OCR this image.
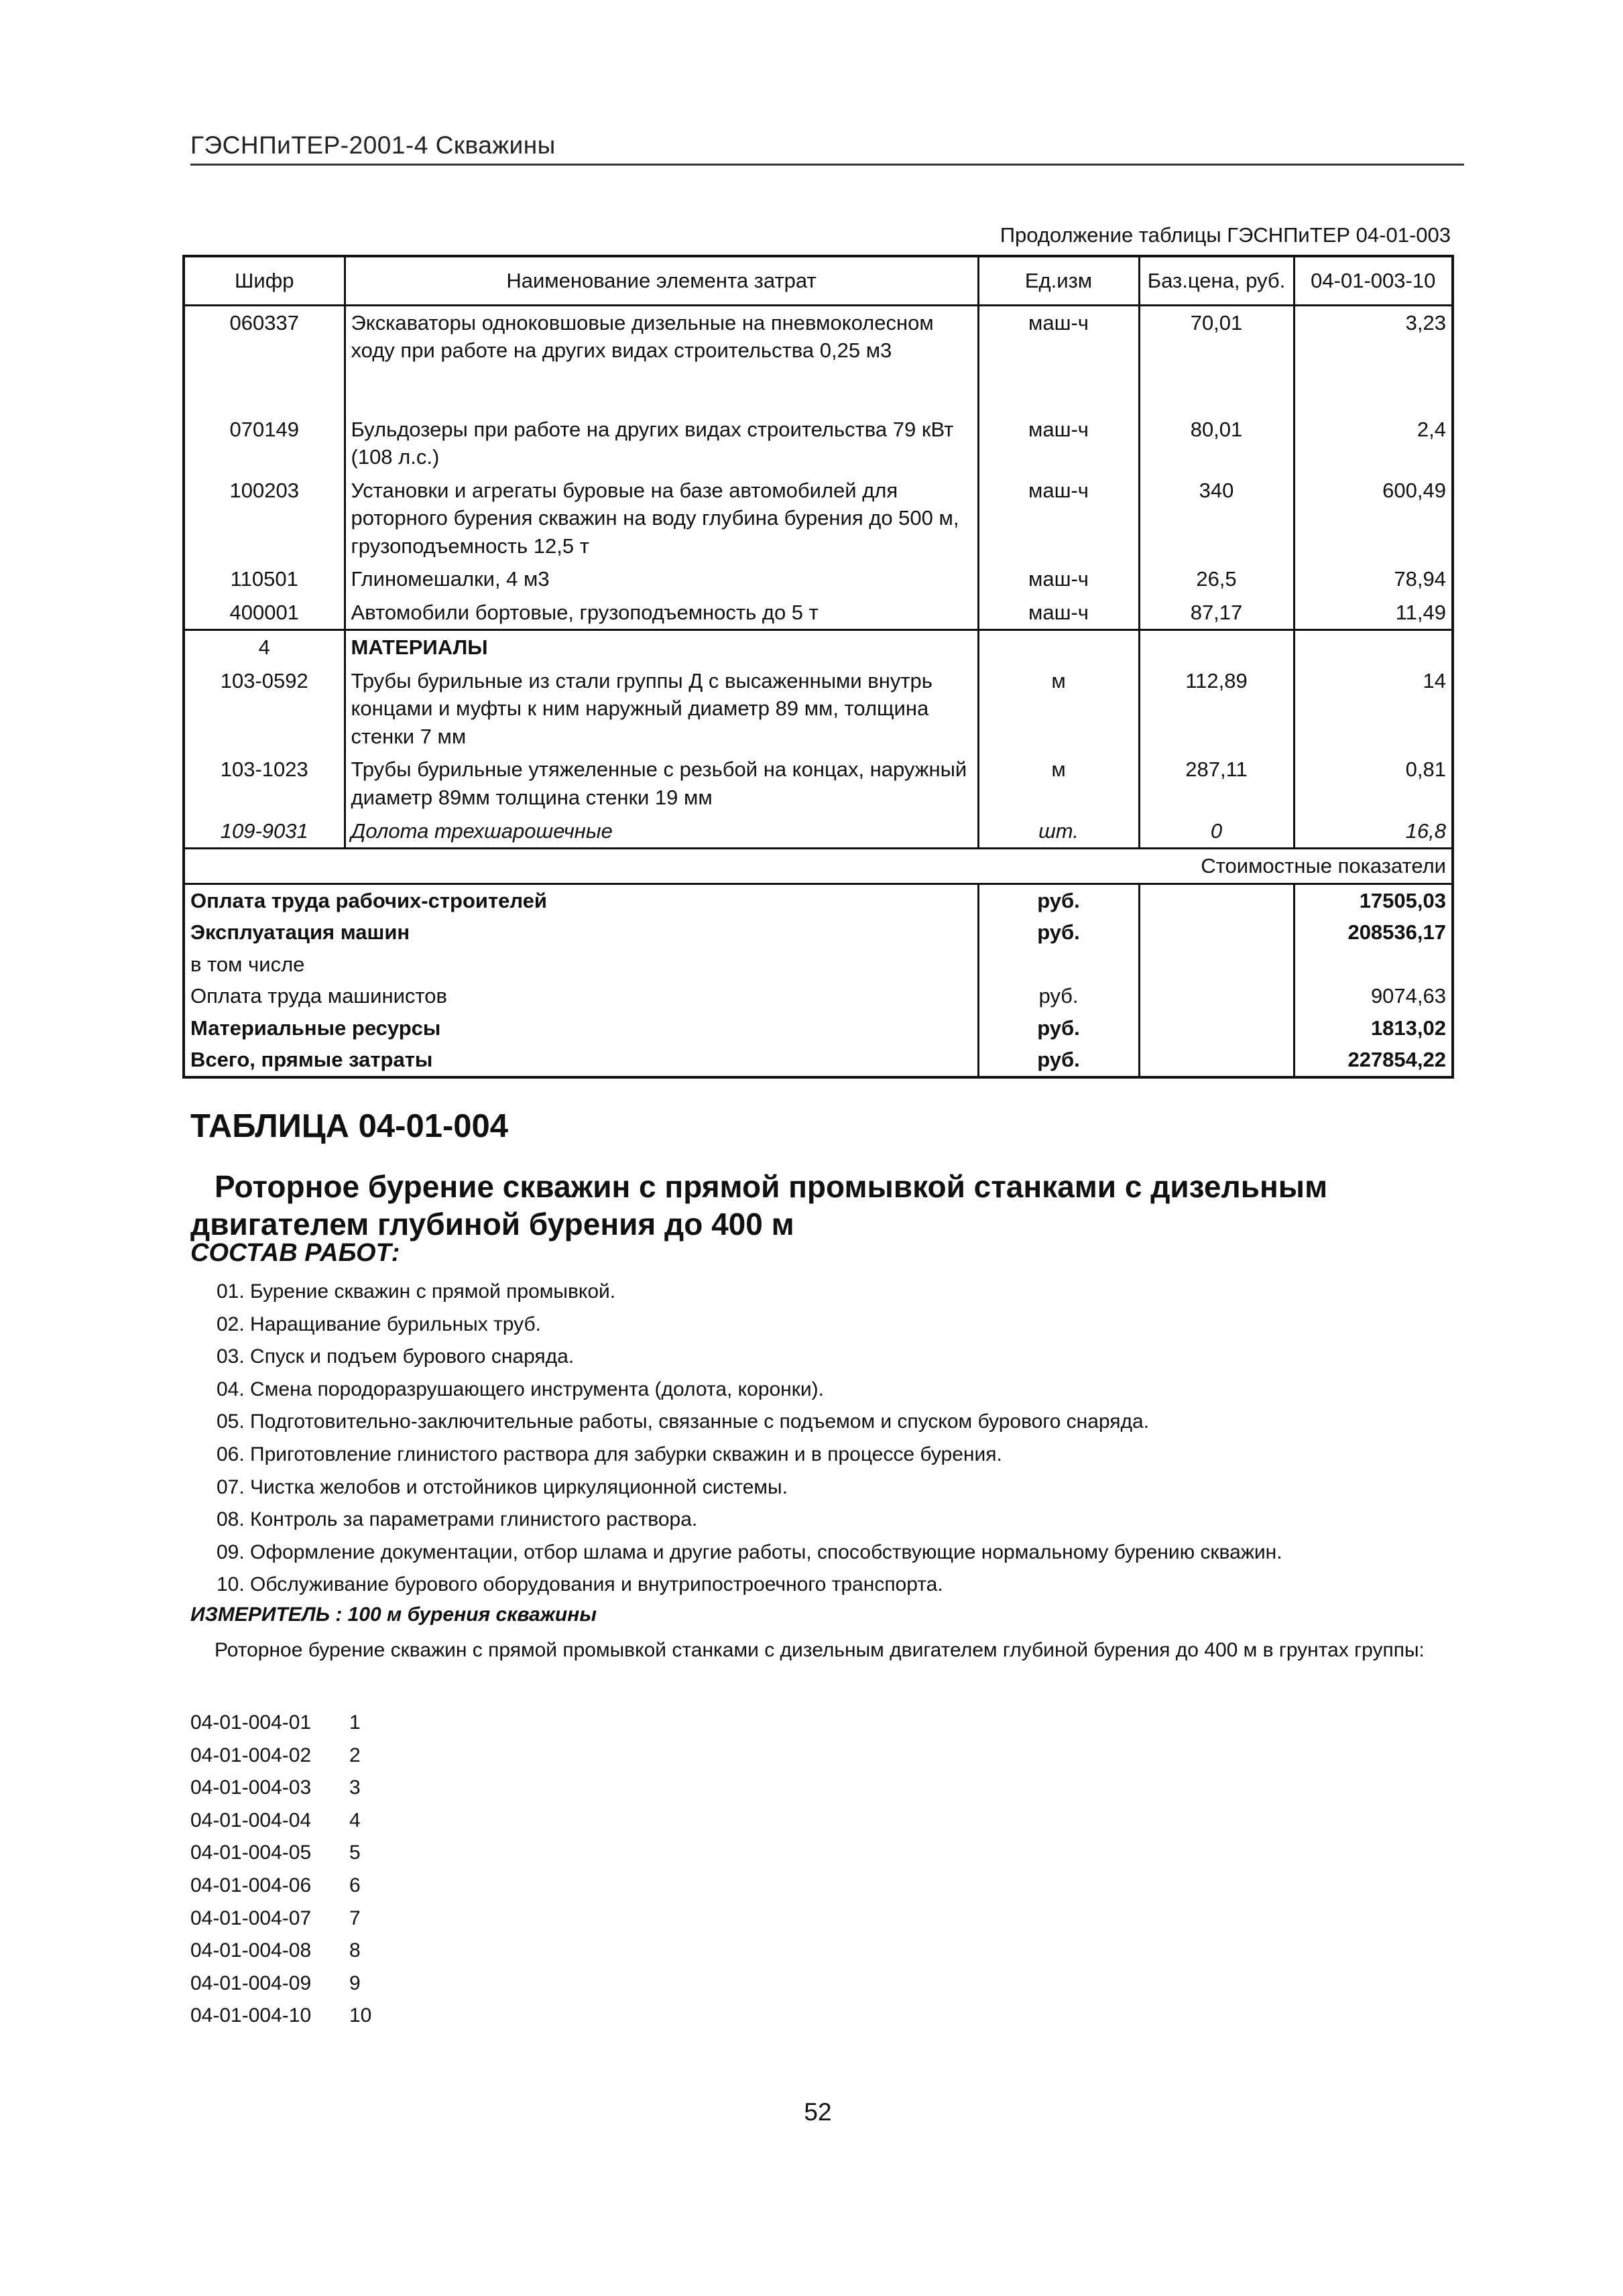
ГЭСНПиТЕР-2001-4 Скважины
Продолжение таблицы ГЭСНПиТЕР 04-01-003
Шифр	Наименование элемента затрат	Ед.изм	Баз.цена, руб.	04-01-003-10
060337	Экскаваторы одноковшовые дизельные на пневмоколесном ходу при работе на других видах строительства 0,25 м3	маш-ч	70,01	3,23

070149	Бульдозеры при работе на других видах строительства 79 кВт (108 л.с.)	маш-ч	80,01	2,4
100203	Установки и агрегаты буровые на базе автомобилей для роторного бурения скважин на воду глубина бурения до 500 м, грузоподъемность 12,5 т	маш-ч	340	600,49
110501	Глиномешалки, 4 м3	маш-ч	26,5	78,94
400001	Автомобили бортовые, грузоподъемность до 5 т	маш-ч	87,17	11,49
4	МАТЕРИАЛЫ			
103-0592	Трубы бурильные из стали группы Д с высаженными внутрь концами и муфты к ним наружный диаметр 89 мм, толщина стенки 7 мм	м	112,89	14
103-1023	Трубы бурильные утяжеленные с резьбой на концах, наружный диаметр 89мм толщина стенки 19 мм	м	287,11	0,81
109-9031	Долота трехшарошечные	шт.	0	16,8
Стоимостные показатели				
Оплата труда рабочих-строителей		руб.		17505,03
Эксплуатация машин		руб.		208536,17
в том числе				
Оплата труда машинистов		руб.		9074,63
Материальные ресурсы		руб.		1813,02
Всего, прямые затраты		руб.		227854,22
ТАБЛИЦА 04-01-004
Роторное бурение скважин с прямой промывкой станками с дизельным двигателем глубиной бурения до 400 м
СОСТАВ РАБОТ:
01. Бурение скважин с прямой промывкой.
02. Наращивание бурильных труб.
03. Спуск и подъем бурового снаряда.
04. Смена породоразрушающего инструмента (долота, коронки).
05. Подготовительно-заключительные работы, связанные с подъемом и спуском бурового снаряда.
06. Приготовление глинистого раствора для забурки скважин и в процессе бурения.
07. Чистка желобов и отстойников циркуляционной системы.
08. Контроль за параметрами глинистого раствора.
09. Оформление документации, отбор шлама и другие работы, способствующие нормальному бурению скважин.
10. Обслуживание бурового оборудования и внутрипостроечного транспорта.
ИЗМЕРИТЕЛЬ : 100 м бурения скважины

Роторное бурение скважин с прямой промывкой станками с дизельным двигателем глубиной бурения до 400 м в грунтах группы:

04-01-004-01 1
04-01-004-02 2
04-01-004-03 3
04-01-004-04 4
04-01-004-05 5
04-01-004-06 6
04-01-004-07 7
04-01-004-08 8
04-01-004-09 9
04-01-004-10 10
52
